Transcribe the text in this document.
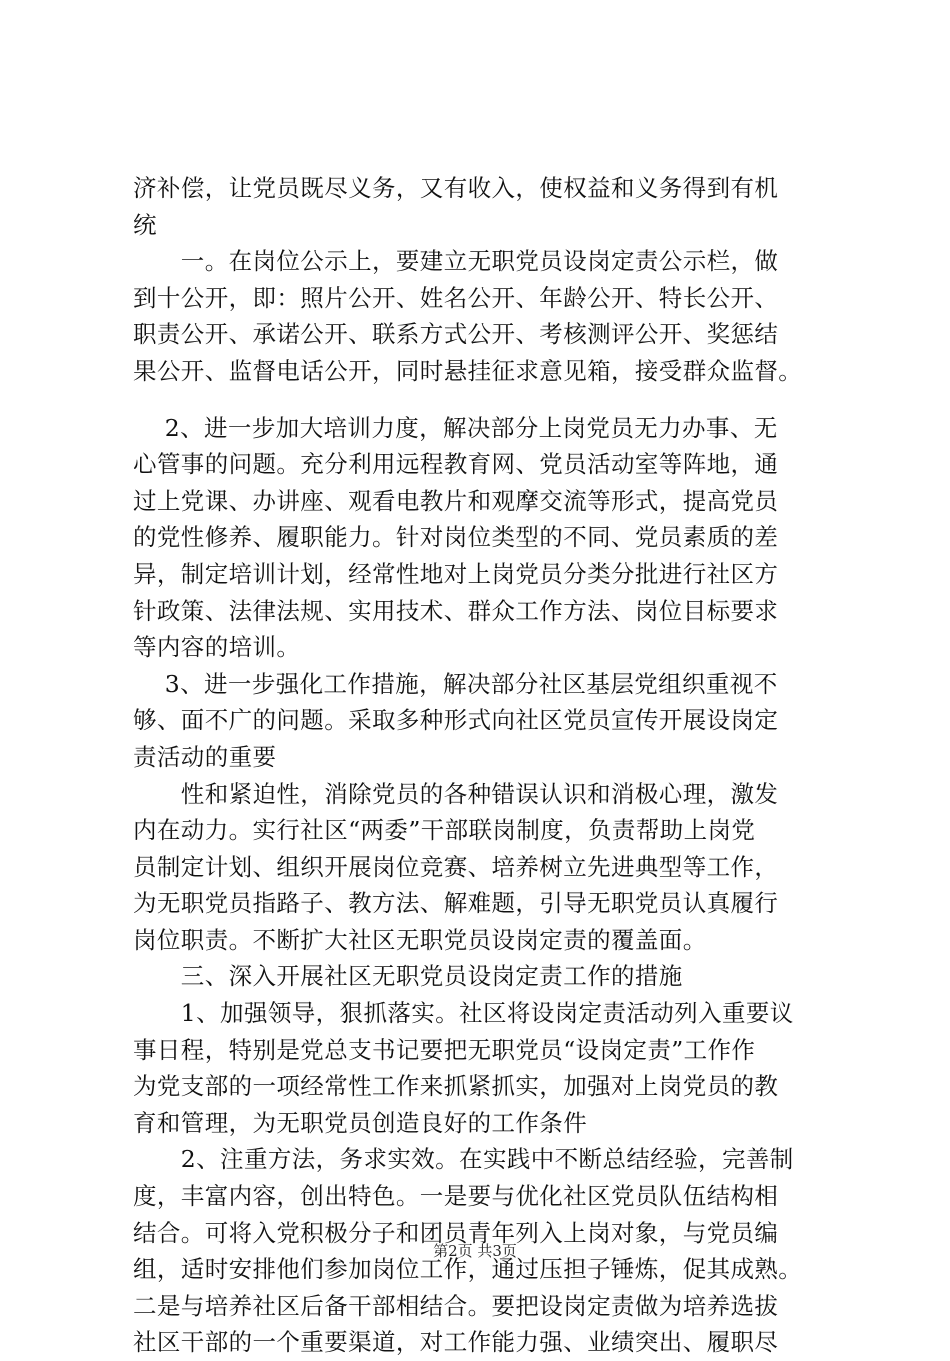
济补偿，让党员既尽义务，又有收入，使权益和义务得到有机
统
　　一。在岗位公示上，要建立无职党员设岗定责公示栏，做
到十公开，即：照片公开、姓名公开、年龄公开、特长公开、
职责公开、承诺公开、联系方式公开、考核测评公开、奖惩结
果公开、监督电话公开，同时悬挂征求意见箱，接受群众监督。
　 2、进一步加大培训力度，解决部分上岗党员无力办事、无
心管事的问题。充分利用远程教育网、党员活动室等阵地，通
过上党课、办讲座、观看电教片和观摩交流等形式，提高党员
的党性修养、履职能力。针对岗位类型的不同、党员素质的差
异，制定培训计划，经常性地对上岗党员分类分批进行社区方
针政策、法律法规、实用技术、群众工作方法、岗位目标要求
等内容的培训。
　 3、进一步强化工作措施，解决部分社区基层党组织重视不
够、面不广的问题。采取多种形式向社区党员宣传开展设岗定
责活动的重要
　　性和紧迫性，消除党员的各种错误认识和消极心理，激发
内在动力。实行社区“两委”干部联岗制度，负责帮助上岗党
员制定计划、组织开展岗位竞赛、培养树立先进典型等工作，
为无职党员指路子、教方法、解难题，引导无职党员认真履行
岗位职责。不断扩大社区无职党员设岗定责的覆盖面。
　　三、深入开展社区无职党员设岗定责工作的措施
　　1、加强领导，狠抓落实。社区将设岗定责活动列入重要议
事日程，特别是党总支书记要把无职党员“设岗定责”工作作
为党支部的一项经常性工作来抓紧抓实，加强对上岗党员的教
育和管理，为无职党员创造良好的工作条件
　　2、注重方法，务求实效。在实践中不断总结经验，完善制
度，丰富内容，创出特色。一是要与优化社区党员队伍结构相
结合。可将入党积极分子和团员青年列入上岗对象，与党员编
组，适时安排他们参加岗位工作，通过压担子锤炼，促其成熟。
二是与培养社区后备干部相结合。要把设岗定责做为培养选拔
社区干部的一个重要渠道，对工作能力强、业绩突出、履职尽
第2页 共3页
